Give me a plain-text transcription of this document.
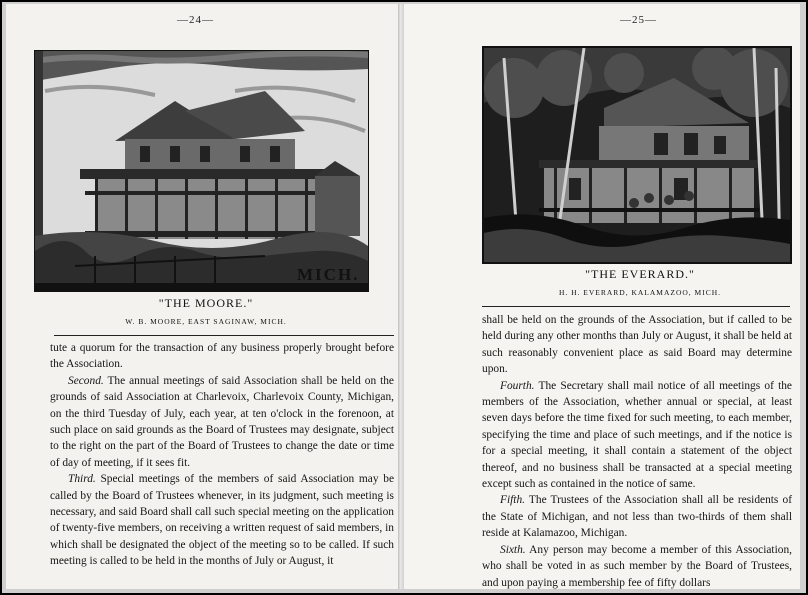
—24—
MICH.
"THE MOORE."
W. B. MOORE, EAST SAGINAW, MICH.

tute a quorum for the transaction of any business properly brought before the Association.

Second. The annual meetings of said Association shall be held on the grounds of said Association at Charlevoix, Charlevoix County, Michigan, on the third Tuesday of July, each year, at ten o'clock in the forenoon, at such place on said grounds as the Board of Trustees may designate, subject to the right on the part of the Board of Trustees to change the date or time of day of meeting, if it sees fit.

Third. Special meetings of the members of said Association may be called by the Board of Trustees whenever, in its judgment, such meeting is necessary, and said Board shall call such special meeting on the application of twenty-five members, on receiving a written request of said members, in which shall be designated the object of the meeting so to be called. If such meeting is called to be held in the months of July or August, it

—25—
"THE EVERARD."
H. H. EVERARD, KALAMAZOO, MICH.

shall be held on the grounds of the Association, but if called to be held during any other months than July or August, it shall be held at such reasonably convenient place as said Board may determine upon.

Fourth. The Secretary shall mail notice of all meetings of the members of the Association, whether annual or special, at least seven days before the time fixed for such meeting, to each member, specifying the time and place of such meetings, and if the notice is for a special meeting, it shall contain a statement of the object thereof, and no business shall be transacted at a special meeting except such as contained in the notice of same.

Fifth. The Trustees of the Association shall all be residents of the State of Michigan, and not less than two-thirds of them shall reside at Kalamazoo, Michigan.

Sixth. Any person may become a member of this Association, who shall be voted in as such member by the Board of Trustees, and upon paying a membership fee of fifty dollars
